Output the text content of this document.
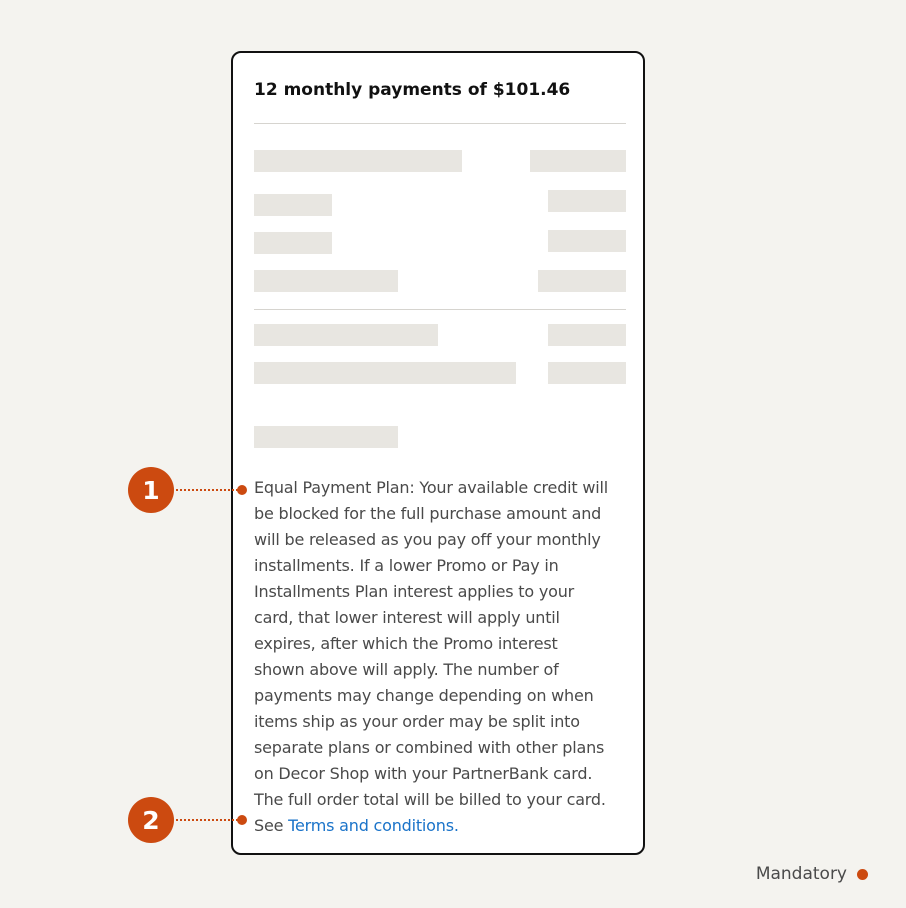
12 monthly payments of $101.46
Equal Payment Plan: Your available credit will
be blocked for the full purchase amount and
will be released as you pay off your monthly
installments. If a lower Promo or Pay in
Installments Plan interest applies to your
card, that lower interest will apply until
expires, after which the Promo interest
shown above will apply. The number of
payments may change depending on when
items ship as your order may be split into
separate plans or combined with other plans
on Decor Shop with your PartnerBank card.
The full order total will be billed to your card.
See Terms and conditions.
1
2
Mandatory
